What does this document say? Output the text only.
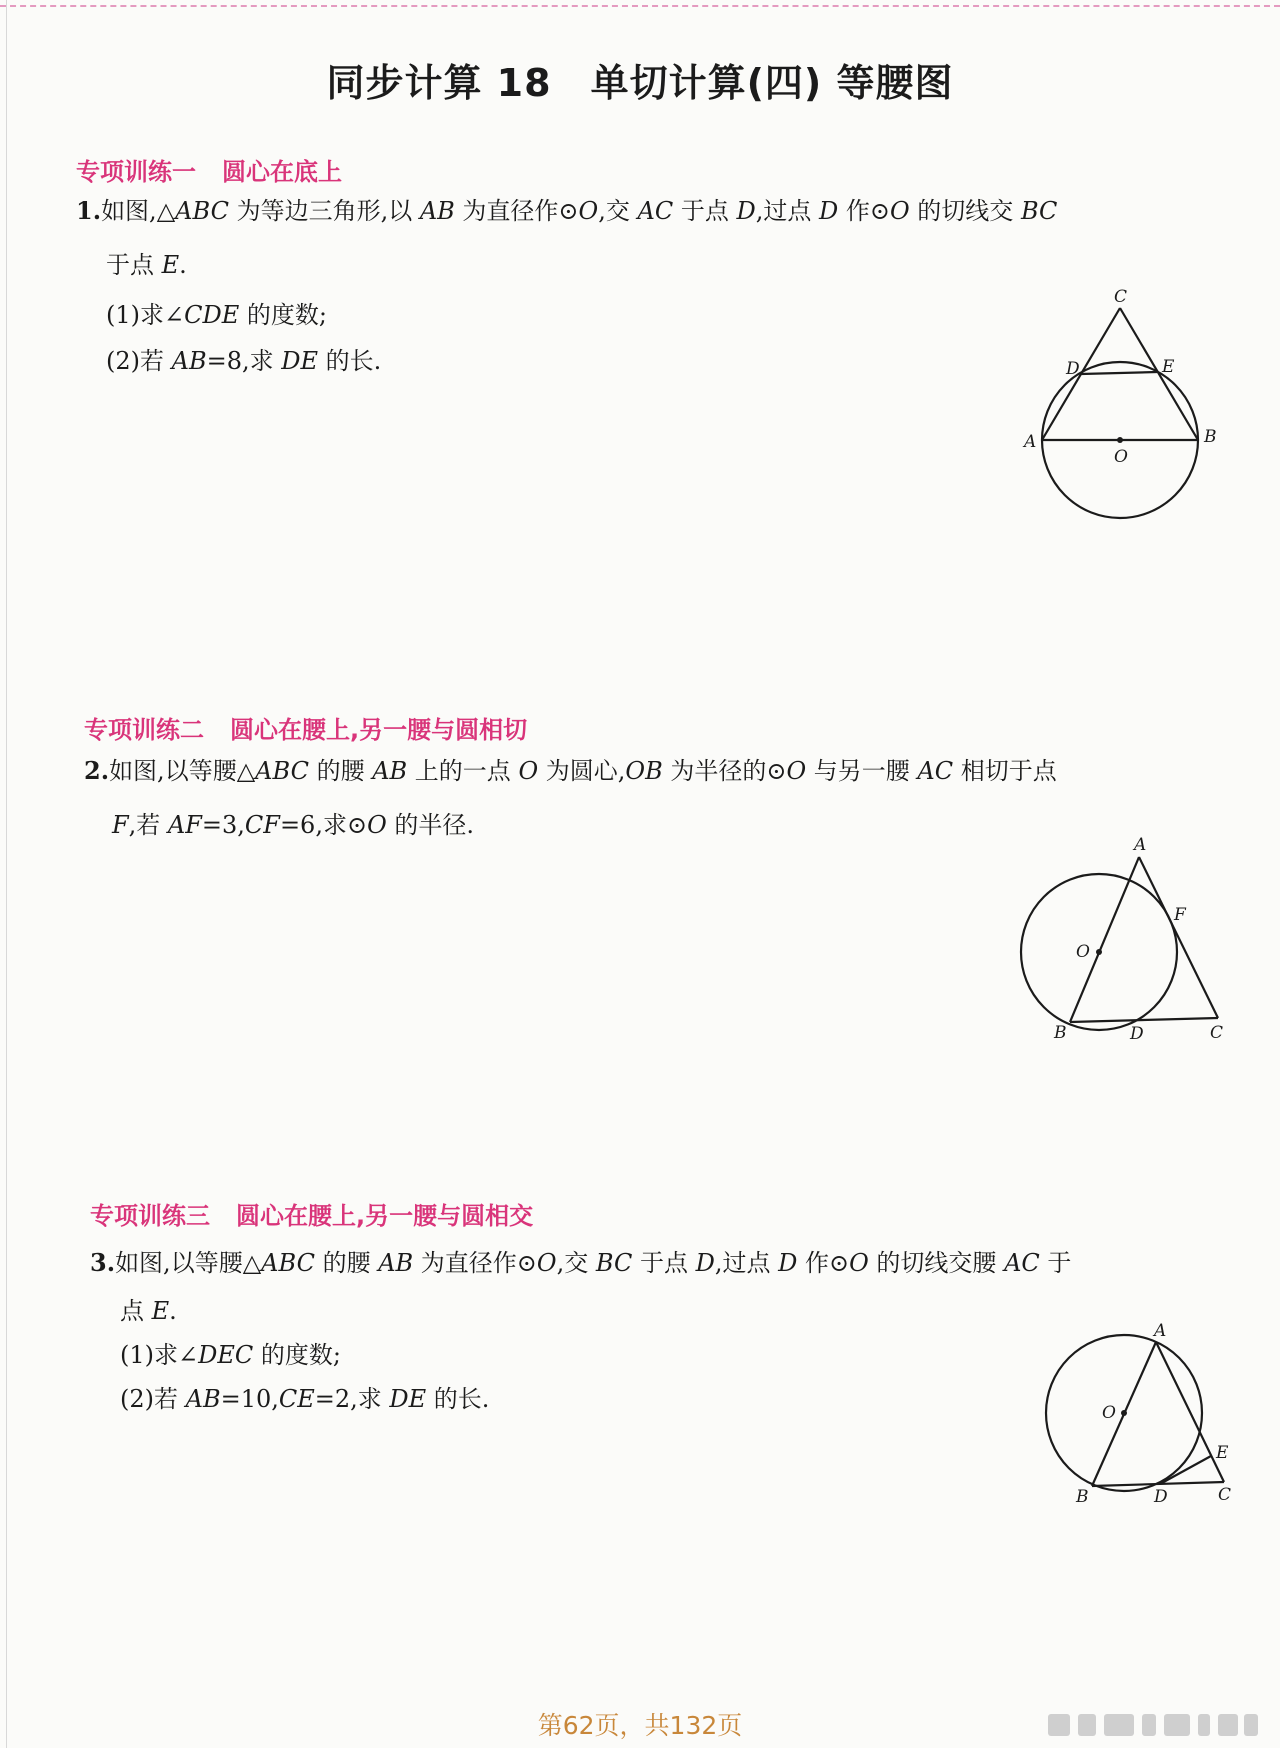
同步计算 18　单切计算(四) 等腰图
专项训练一 圆心在底上
1.如图,△ABC 为等边三角形,以 AB 为直径作⊙O,交 AC 于点 D,过点 D 作⊙O 的切线交 BC
于点 E.
(1)求∠CDE 的度数;
(2)若 AB=8,求 DE 的长.
C
E
D
A	B
O
专项训练二 圆心在腰上,另一腰与圆相切
2.如图,以等腰△ABC 的腰 AB 上的一点 O 为圆心,OB 为半径的⊙O 与另一腰 AC 相切于点
F,若 AF=3,CF=6,求⊙O 的半径.
A
F
O
B	D	C
专项训练三 圆心在腰上,另一腰与圆相交
3.如图,以等腰△ABC 的腰 AB 为直径作⊙O,交 BC 于点 D,过点 D 作⊙O 的切线交腰 AC 于
点 E.
(1)求∠DEC 的度数;
(2)若 AB=10,CE=2,求 DE 的长.
A
O
E
B	D	C
第62页，共132页
